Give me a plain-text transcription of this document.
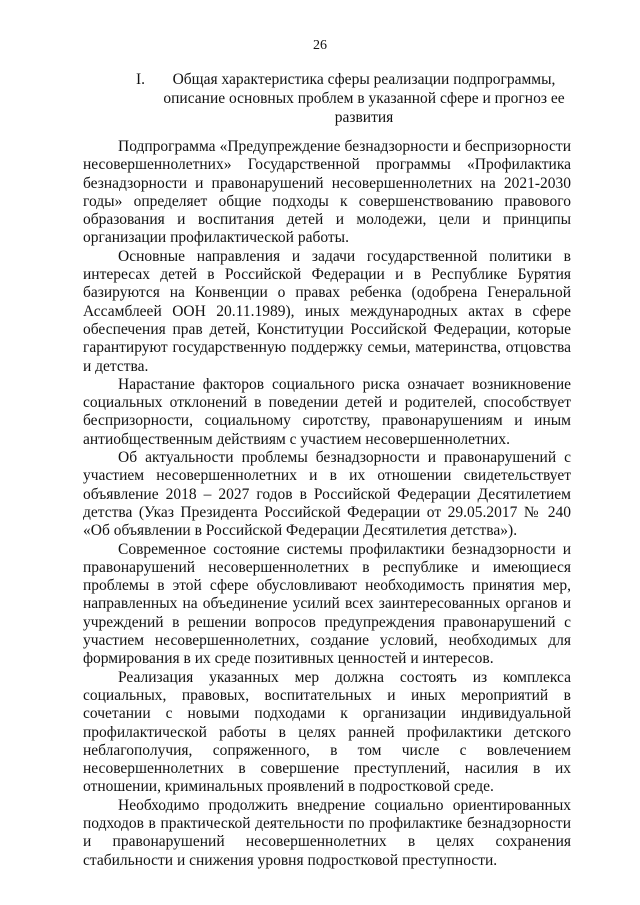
26
I.	Общая характеристика сферы реализации подпрограммы, описание основных проблем в указанной сфере и прогноз ее развития

Подпрограмма «Предупреждение безнадзорности и беспризорности несовершеннолетних» Государственной программы «Профилактика безнадзорности и правонарушений несовершеннолетних на 2021-2030 годы» определяет общие подходы к совершенствованию правового образования и воспитания детей и молодежи, цели и принципы организации профилактической работы.

Основные направления и задачи государственной политики в интересах детей в Российской Федерации и в Республике Бурятия базируются на Конвенции о правах ребенка (одобрена Генеральной Ассамблеей ООН 20.11.1989), иных международных актах в сфере обеспечения прав детей, Конституции Российской Федерации, которые гарантируют государственную поддержку семьи, материнства, отцовства и детства.

Нарастание факторов социального риска означает возникновение социальных отклонений в поведении детей и родителей, способствует беспризорности, социальному сиротству, правонарушениям и иным антиобщественным действиям с участием несовершеннолетних.

Об актуальности проблемы безнадзорности и правонарушений с участием несовершеннолетних и в их отношении свидетельствует объявление 2018 – 2027 годов в Российской Федерации Десятилетием детства (Указ Президента Российской Федерации от 29.05.2017 № 240 «Об объявлении в Российской Федерации Десятилетия детства»).

Современное состояние системы профилактики безнадзорности и правонарушений несовершеннолетних в республике и имеющиеся проблемы в этой сфере обусловливают необходимость принятия мер, направленных на объединение усилий всех заинтересованных органов и учреждений в решении вопросов предупреждения правонарушений с участием несовершеннолетних, создание условий, необходимых для формирования в их среде позитивных ценностей и интересов.

Реализация указанных мер должна состоять из комплекса социальных, правовых, воспитательных и иных мероприятий в сочетании с новыми подходами к организации индивидуальной профилактической работы в целях ранней профилактики детского неблагополучия, сопряженного, в том числе с вовлечением несовершеннолетних в совершение преступлений, насилия в их отношении, криминальных проявлений в подростковой среде.

Необходимо продолжить внедрение социально ориентированных подходов в практической деятельности по профилактике безнадзорности и правонарушений несовершеннолетних в целях сохранения стабильности и снижения уровня подростковой преступности.
